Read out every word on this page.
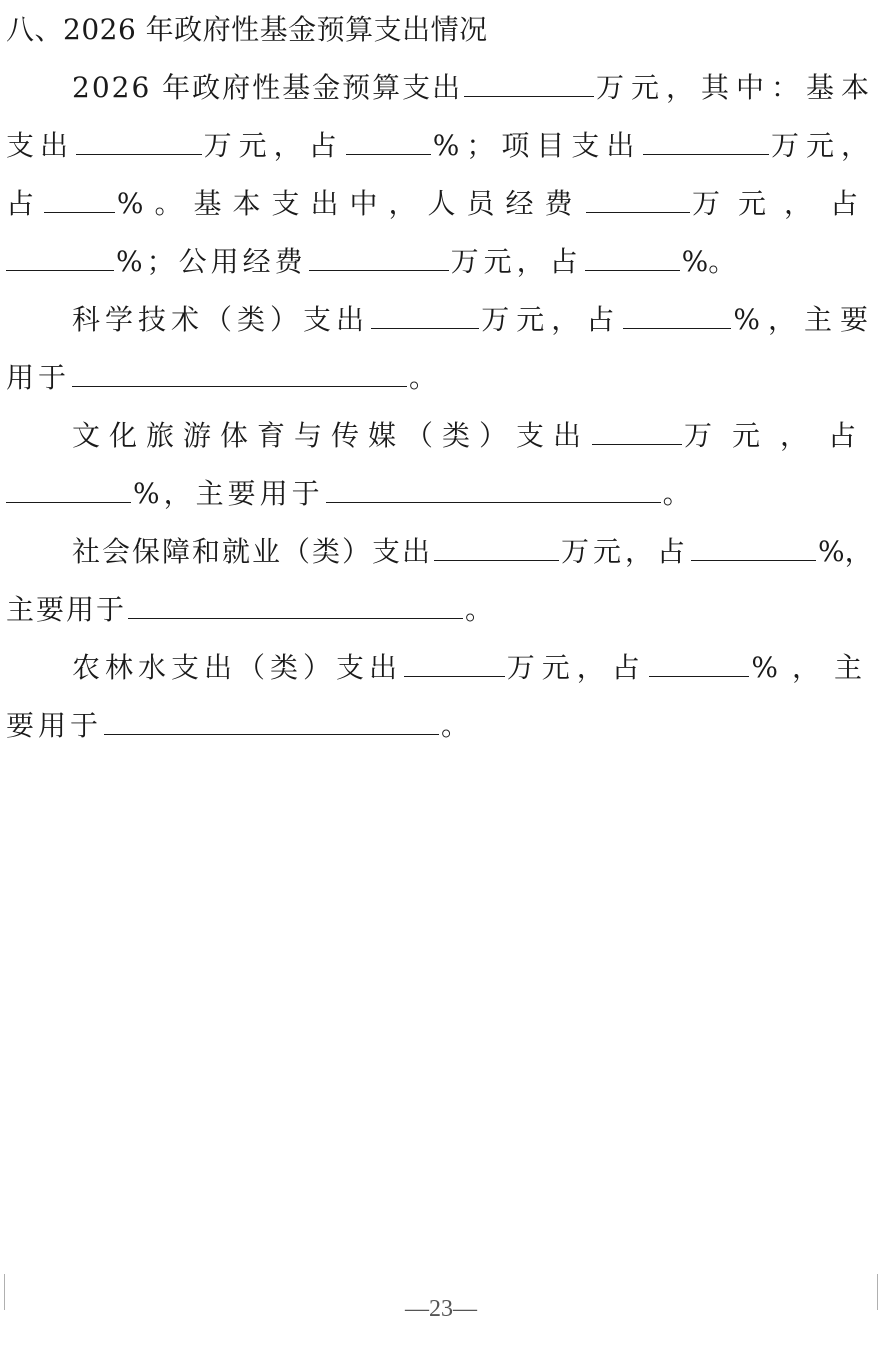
八、2026 年政府性基金预算支出情况
2026 年政府性基金预算支出	万元，其中：基本
支出	万元，占	%；项目支出	万元，
占	%。基本支出中，人员经费	万元，占
%；公用经费	万元，占	%。
科学技术（类）支出	万元，占	%，主要
用于	。
文化旅游体育与传媒（类）支出	万元，占
%，主要用于	。
社会保障和就业（类）支出	万元，占	%，
主要用于	。
农林水支出（类）支出	万元，占	%，主
要用于	。
—23—
